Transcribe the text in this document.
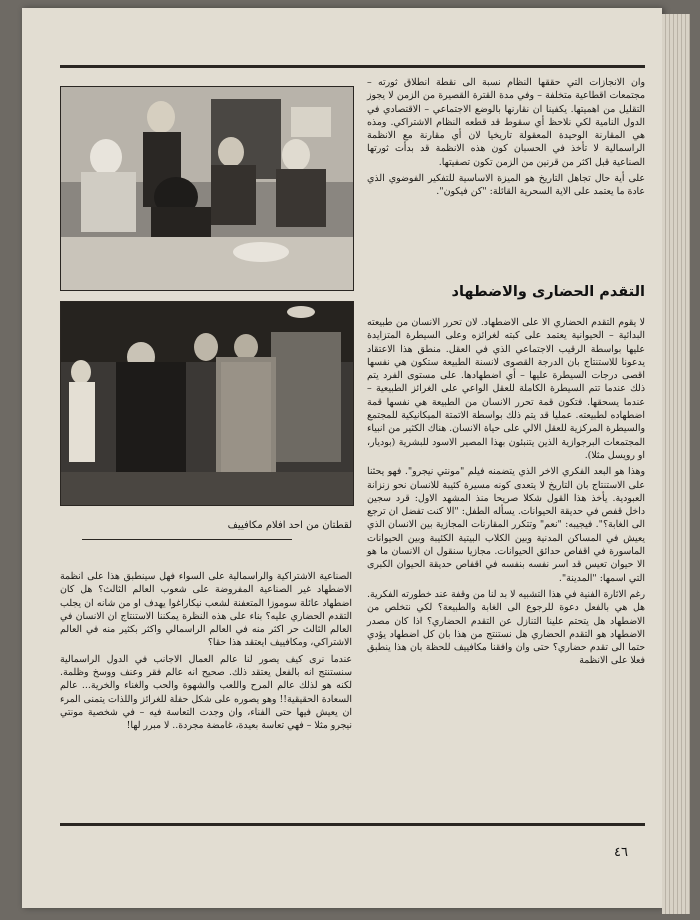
وان الانجازات التي حققها النظام نسبة الى نقطة انطلاق ثورته – مجتمعات اقطاعية متخلفة – وفي مدة القترة القصيرة من الزمن لا يجوز التقليل من اهميتها. يكفينا ان نقارنها بالوضع الاجتماعي – الاقتصادي في الدول النامية لكي نلاحظ أي سقوط قد قطعه النظام الاشتراكي. ومذه هي المقارنة الوحيدة المعقولة تاريخيا لان أي مقارنة مع الانظمة الراسمالية لا تأخذ في الحسبان كون هذه الانظمة قد بدأت ثورتها الصناعية قبل اكثر من قرنين من الزمن تكون تصفيتها.

على أية حال تجاهل التاريخ هو الميزة الاساسية للتفكير الفوضوي الذي عادة ما يعتمد على الاية السحرية القائلة: "كن فيكون".

التقدم الحضارى والاضطهاد

لا يقوم التقدم الحضاري الا على الاضطهاد. لان تحرر الانسان من طبيعته البدائية – الحيوانية يعتمد على كبته لغرائزه وعلى السيطرة المتزايدة عليها بواسطة الرقيب الاجتماعي الذي في العقل. منطق هذا الاعتقاد يدعونا للاستنتاج بان الدرجة القصوى لانسنة الطبيعة ستكون هي نفسها اقصى درجات السيطرة عليها – أي اضطهادها. على مستوى الفرد يتم ذلك عندما تتم السيطرة الكاملة للعقل الواعي على الغرائز الطبيعية – عندما يسحقها. فتكون قمة تحرر الانسان من الطبيعة هي نفسها قمة اضطهاده لطبيعته. عمليا قد يتم ذلك بواسطة الاتمتة الميكانيكية للمجتمع والسيطرة المركزية للعقل الالي على حياة الانسان. هناك الكثير من انبياء المجتمعات البرجوازية الذين يتنبئون بهذا المصير الاسود للبشرية (بوديار، او رويسل مثلا).

وهذا هو البعد الفكري الاخر الذي يتضمنه فيلم "مونتي نيجرو". فهو يحثنا على الاستنتاج بان التاريخ لا يتعدى كونه مسيرة كئيبة للانسان نحو زنزانة العبودية. يأخذ هذا القول شكلا صريحا منذ المشهد الاول: قرد سجين داخل قفص في حديقة الحيوانات. يسأله الطفل: "الا كنت تفضل ان ترجع الى الغابة؟". فيجيبه: "نعم" وتتكرر المقارنات المجازية بين الانسان الذي يعيش في المساكن المدنية وبين الكلاب البيتية الكئيبة وبين الحيوانات الماسورة في اقفاص حدائق الحيوانات. مجازيا سنقول ان الانسان ما هو الا حيوان تعيس قد اسر نفسه بنفسه في اقفاص حديقة الحيوان الكبرى التي اسمها: "المدينة".

رغم الاثارة الفنية في هذا التشبيه لا بد لنا من وقفة عند خطورته الفكرية. هل هي بالفعل دعوة للرجوع الى الغابة والطبيعة؟ لكي نتخلص من الاضطهاد هل يتحتم علينا التنازل عن التقدم الحضاري؟ اذا كان مصدر الاضطهاد هو التقدم الحضاري هل نستنتج من هذا بان كل اضطهاد يؤدي حتما الى تقدم حضاري؟ حتى وان وافقنا مكافييف للحظة بان هذا ينطبق فعلا على الانظمة

لقطتان من احد افلام مكافييف

الصناعية الاشتراكية والراسمالية على السواء فهل سينطبق هذا على انظمة الاضطهاد غير الصناعية المفروضة على شعوب العالم الثالث؟ هل كان اضطهاد عائلة سوموزا المتعفنة لشعب نيكاراغوا يهدف او من شانه ان يجلب التقدم الحضاري عليه؟ بناء على هذه النظرة يمكننا الاستنتاج ان الانسان في العالم الثالث حر اكثر منه في العالم الراسمالي واكثر بكثير منه في العالم الاشتراكي، ومكافييف ايعتقد هذا حقا؟

عندما نرى كيف يصور لنا عالم العمال الاجانب في الدول الراسمالية سنستنتج انه بالفعل يعتقد ذلك. صحيح انه عالم فقر وعنف ووسخ وظلمة. لكنه هو لذلك عالم المرح واللعب والشهوة والحب والغناء والخرية... عالم السعادة الحقيقية!! وهو يصوره على شكل حفلة للغرائز واللذات يتمنى المرء ان يعيش فيها حتى الفناء، وان وجدت التعاسة فيه – في شخصية مونتي نيجرو مثلا – فهي تعاسة بعيدة، غامضة مجردة.. لا مبرر لها!

٤٦
